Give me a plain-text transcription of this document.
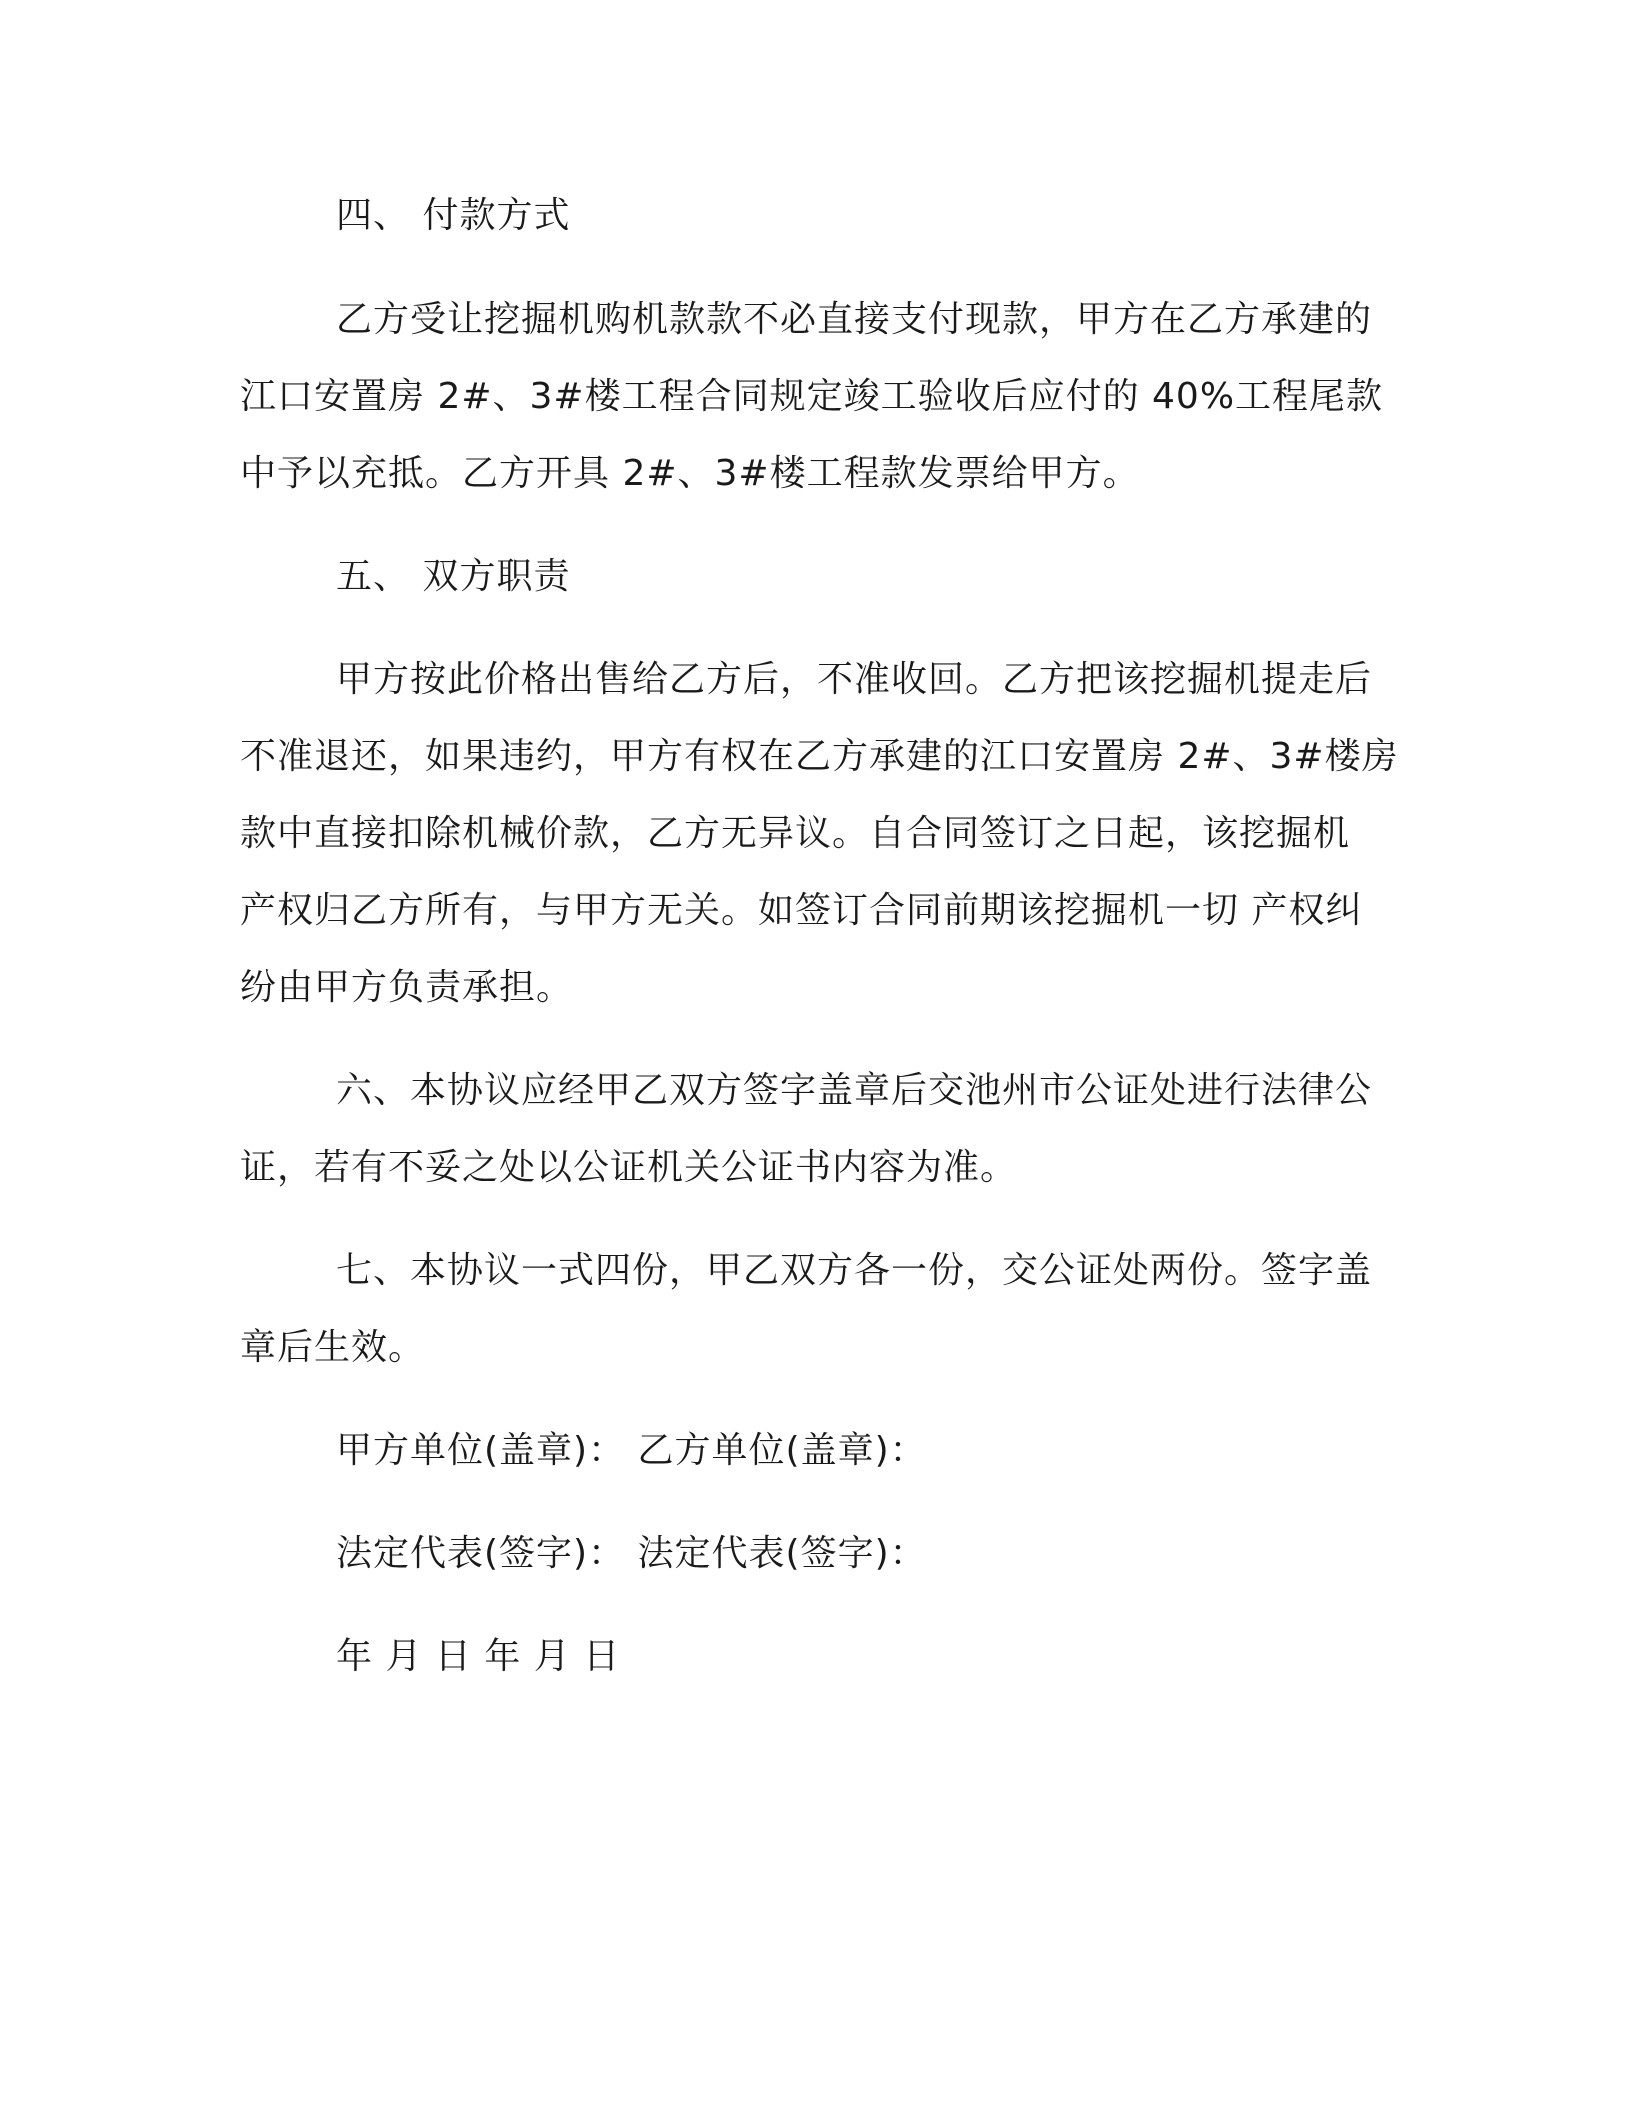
四、 付款方式
乙方受让挖掘机购机款款不必直接支付现款，甲方在乙方承建的
江口安置房 2#、3#楼工程合同规定竣工验收后应付的 40%工程尾款
中予以充抵。乙方开具 2#、3#楼工程款发票给甲方。
五、 双方职责
甲方按此价格出售给乙方后，不准收回。乙方把该挖掘机提走后
不准退还，如果违约，甲方有权在乙方承建的江口安置房 2#、3#楼房
款中直接扣除机械价款，乙方无异议。自合同签订之日起，该挖掘机
产权归乙方所有，与甲方无关。如签订合同前期该挖掘机一切 产权纠
纷由甲方负责承担。
六、本协议应经甲乙双方签字盖章后交池州市公证处进行法律公
证，若有不妥之处以公证机关公证书内容为准。
七、本协议一式四份，甲乙双方各一份，交公证处两份。签字盖
章后生效。
甲方单位(盖章)： 乙方单位(盖章)：
法定代表(签字)： 法定代表(签字)：
年 月 日 年 月 日
